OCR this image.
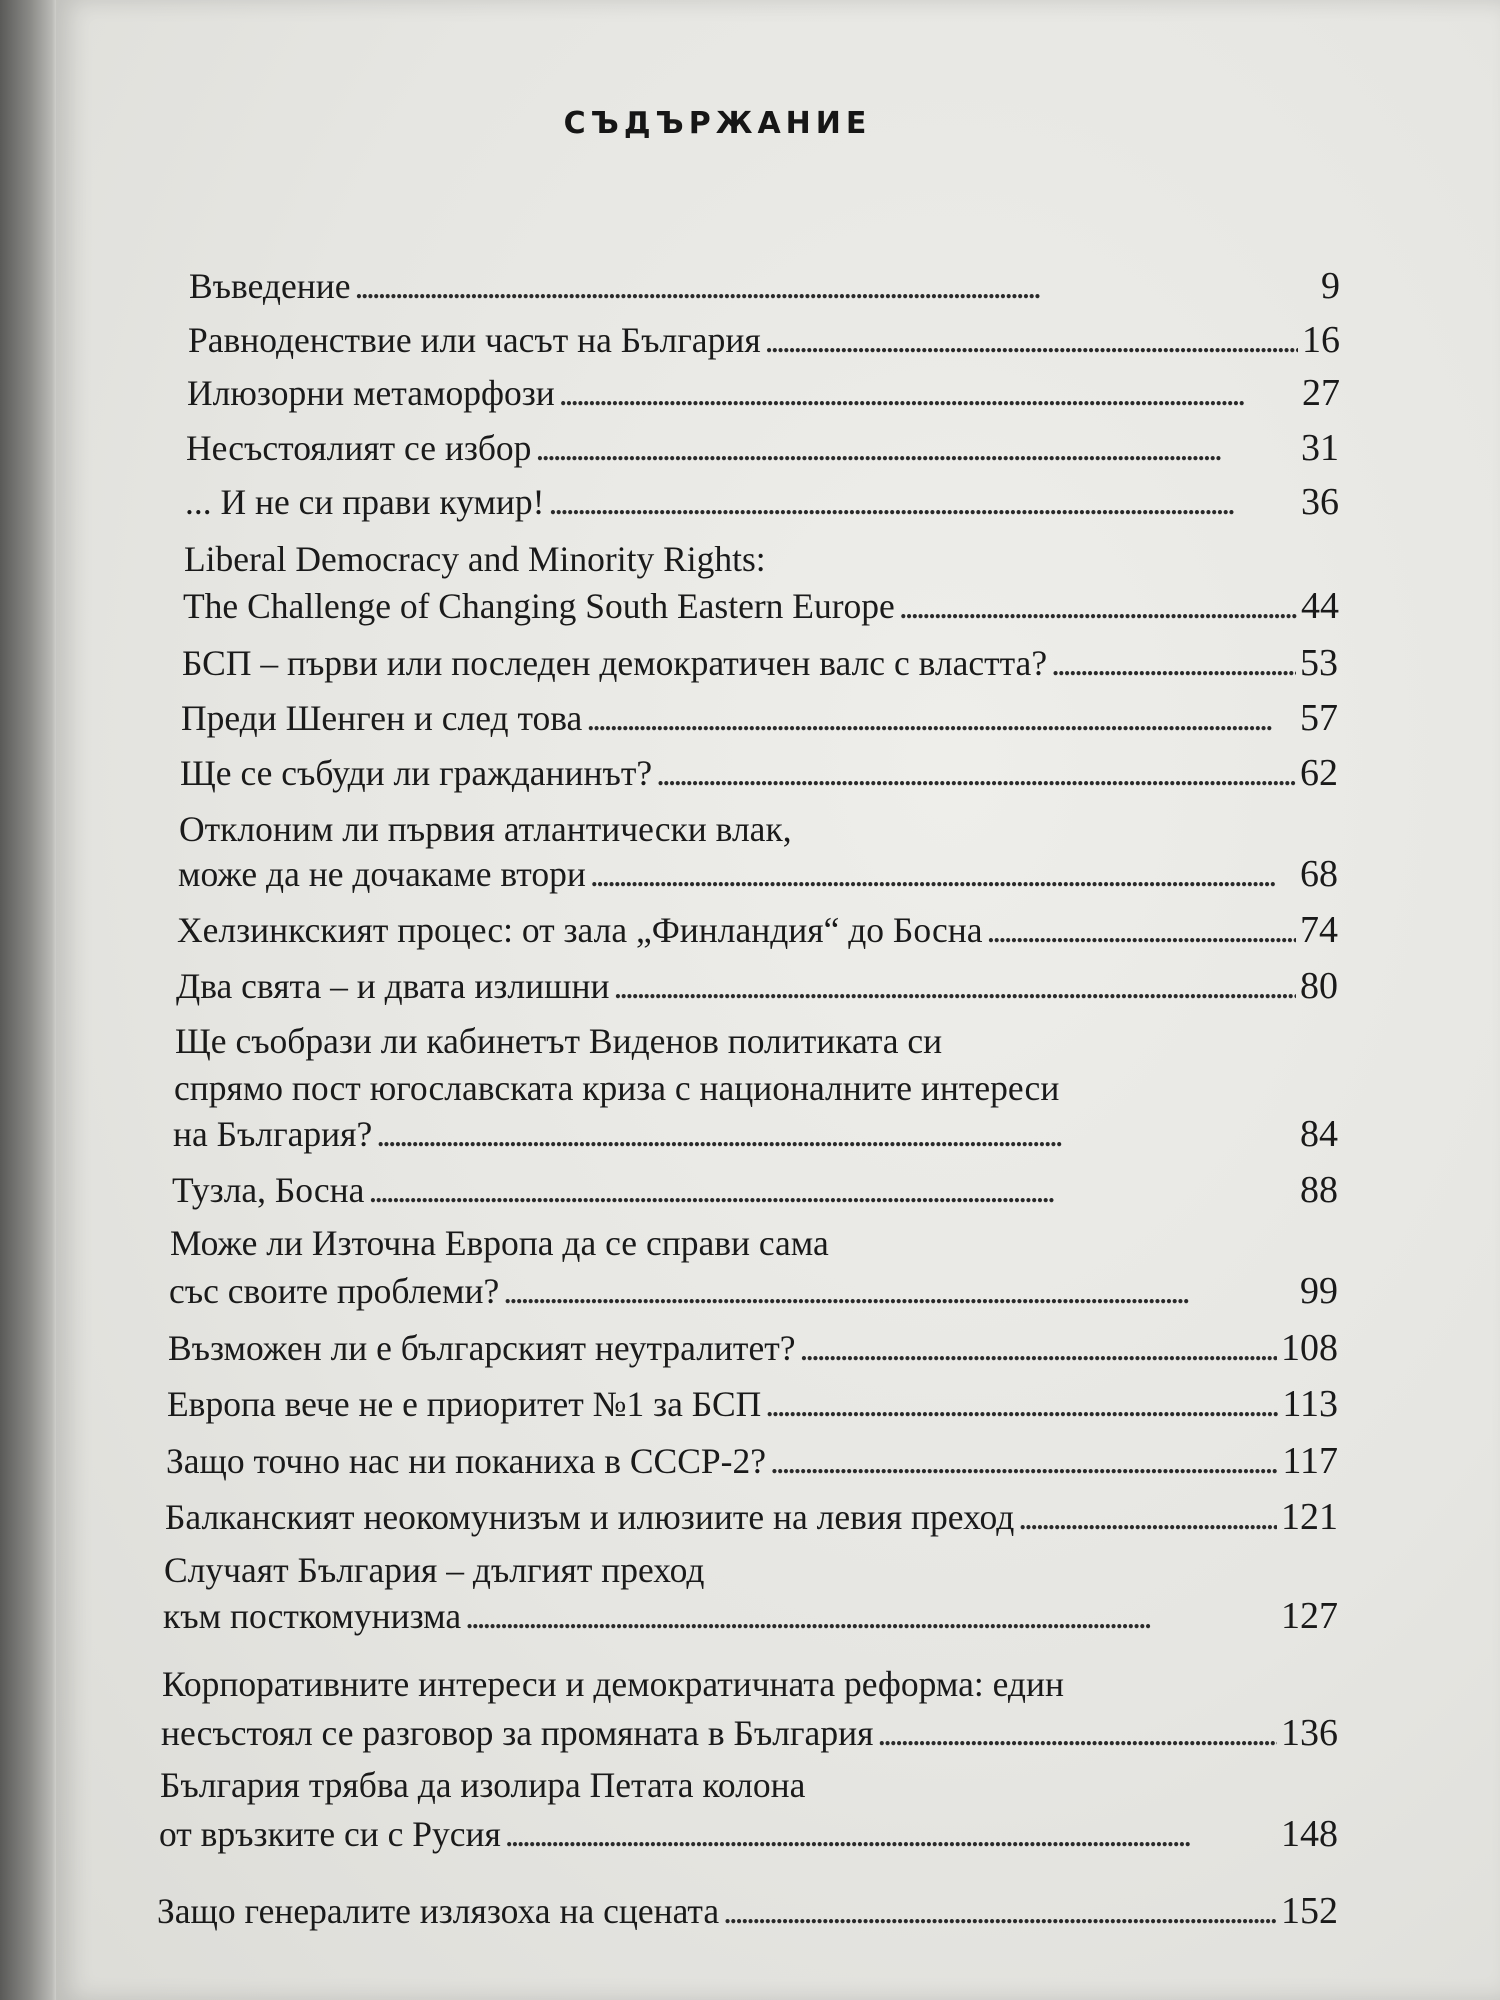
СЪДЪРЖАНИЕ
Въведение . . .	9
Равноденствие или часът на България . . .	16
Илюзорни метаморфози . . .	27
Несъстоялият се избор . . .	31
... И не си прави кумир! . . .	36
Liberal Democracy and Minority Rights:
The Challenge of Changing South Eastern Europe . . .	44
БСП – първи или последен демократичен валс с властта? . . .	53
Преди Шенген и след това . . .	57
Ще се събуди ли гражданинът? . . .	62
Отклоним ли първия атлантически влак,
може да не дочакаме втори . . .	68
Хелзинкският процес: от зала „Финландия“ до Босна . . .	74
Два свята – и двата излишни . . .	80
Ще съобрази ли кабинетът Виденов политиката си
спрямо пост югославската криза с националните интереси
на България? . . .	84
Тузла, Босна . . .	88
Може ли Източна Европа да се справи сама
със своите проблеми? . . .	99
Възможен ли е българският неутралитет? . . .	108
Европа вече не е приоритет №1 за БСП . . .	113
Защо точно нас ни поканиха в СССР-2? . . .	117
Балканският неокомунизъм и илюзиите на левия преход . . .	121
Случаят България – дългият преход
към посткомунизма . . .	127
Корпоративните интереси и демократичната реформа: един
несъстоял се разговор за промяната в България . . .	136
България трябва да изолира Петата колона
от връзките си с Русия . . .	148
Защо генералите излязоха на сцената . . .	152
